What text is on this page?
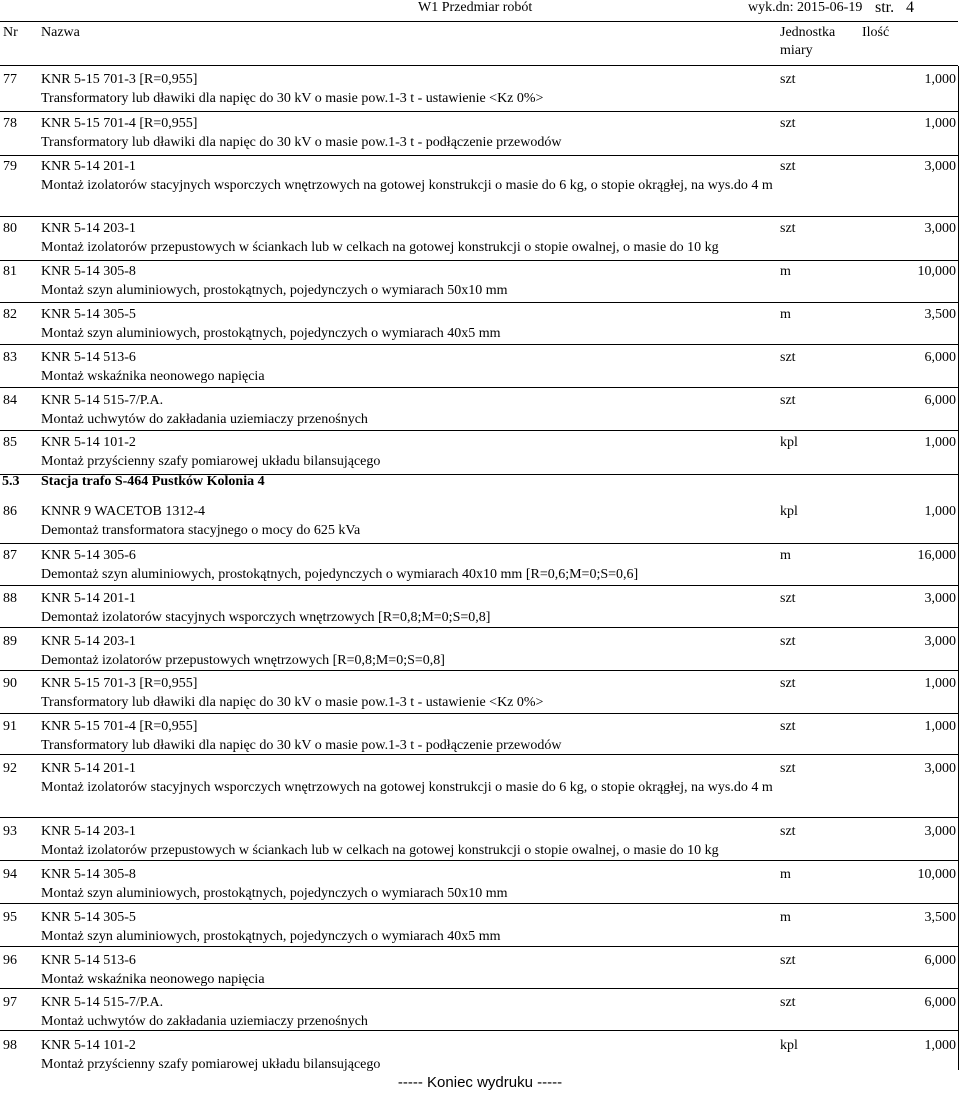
W1 Przedmiar robót	wyk.dn: 2015-06-19 str. 4
Nr Nazwa	Jednostka
miary
Ilość
77 KNR 5-15 701-3 [R=0,955]
Transformatory lub dławiki dla napięc do 30 kV o masie pow.1-3 t - ustawienie <Kz 0%>
szt	1,000
78 KNR 5-15 701-4 [R=0,955]
Transformatory lub dławiki dla napięc do 30 kV o masie pow.1-3 t - podłączenie przewodów
szt	1,000
79 KNR 5-14 201-1
Montaż izolatorów stacyjnych wsporczych wnętrzowych na gotowej konstrukcji o masie do 6 kg, o stopie okrągłej, na wys.do 4 m
szt	3,000
80 KNR 5-14 203-1
Montaż izolatorów przepustowych w ściankach lub w celkach na gotowej konstrukcji o stopie owalnej, o masie do 10 kg
szt	3,000
81 KNR 5-14 305-8
Montaż szyn aluminiowych, prostokątnych, pojedynczych o wymiarach 50x10 mm
m	10,000
82 KNR 5-14 305-5
Montaż szyn aluminiowych, prostokątnych, pojedynczych o wymiarach 40x5 mm
m	3,500
83 KNR 5-14 513-6
Montaż wskaźnika neonowego napięcia
szt	6,000
84 KNR 5-14 515-7/P.A.
Montaż uchwytów do zakładania uziemiaczy przenośnych
szt	6,000
85 KNR 5-14 101-2
Montaż przyścienny szafy pomiarowej układu bilansującego
kpl	1,000
5.3 Stacja trafo S-464 Pustków Kolonia 4
86 KNNR 9 WACETOB 1312-4
Demontaż transformatora stacyjnego o mocy do 625 kVa
kpl	1,000
87 KNR 5-14 305-6
Demontaż szyn aluminiowych, prostokątnych, pojedynczych o wymiarach 40x10 mm [R=0,6;M=0;S=0,6]
m	16,000
88 KNR 5-14 201-1
Demontaż izolatorów stacyjnych wsporczych wnętrzowych [R=0,8;M=0;S=0,8]
szt	3,000
89 KNR 5-14 203-1
Demontaż izolatorów przepustowych wnętrzowych [R=0,8;M=0;S=0,8]
szt	3,000
90 KNR 5-15 701-3 [R=0,955]
Transformatory lub dławiki dla napięc do 30 kV o masie pow.1-3 t - ustawienie <Kz 0%>
szt	1,000
91 KNR 5-15 701-4 [R=0,955]
Transformatory lub dławiki dla napięc do 30 kV o masie pow.1-3 t - podłączenie przewodów
szt	1,000
92 KNR 5-14 201-1
Montaż izolatorów stacyjnych wsporczych wnętrzowych na gotowej konstrukcji o masie do 6 kg, o stopie okrągłej, na wys.do 4 m
szt	3,000
93 KNR 5-14 203-1
Montaż izolatorów przepustowych w ściankach lub w celkach na gotowej konstrukcji o stopie owalnej, o masie do 10 kg
szt	3,000
94 KNR 5-14 305-8
Montaż szyn aluminiowych, prostokątnych, pojedynczych o wymiarach 50x10 mm
m	10,000
95 KNR 5-14 305-5
Montaż szyn aluminiowych, prostokątnych, pojedynczych o wymiarach 40x5 mm
m	3,500
96 KNR 5-14 513-6
Montaż wskaźnika neonowego napięcia
szt	6,000
97 KNR 5-14 515-7/P.A.
Montaż uchwytów do zakładania uziemiaczy przenośnych
szt	6,000
98 KNR 5-14 101-2
Montaż przyścienny szafy pomiarowej układu bilansującego
kpl	1,000
----- Koniec wydruku -----
